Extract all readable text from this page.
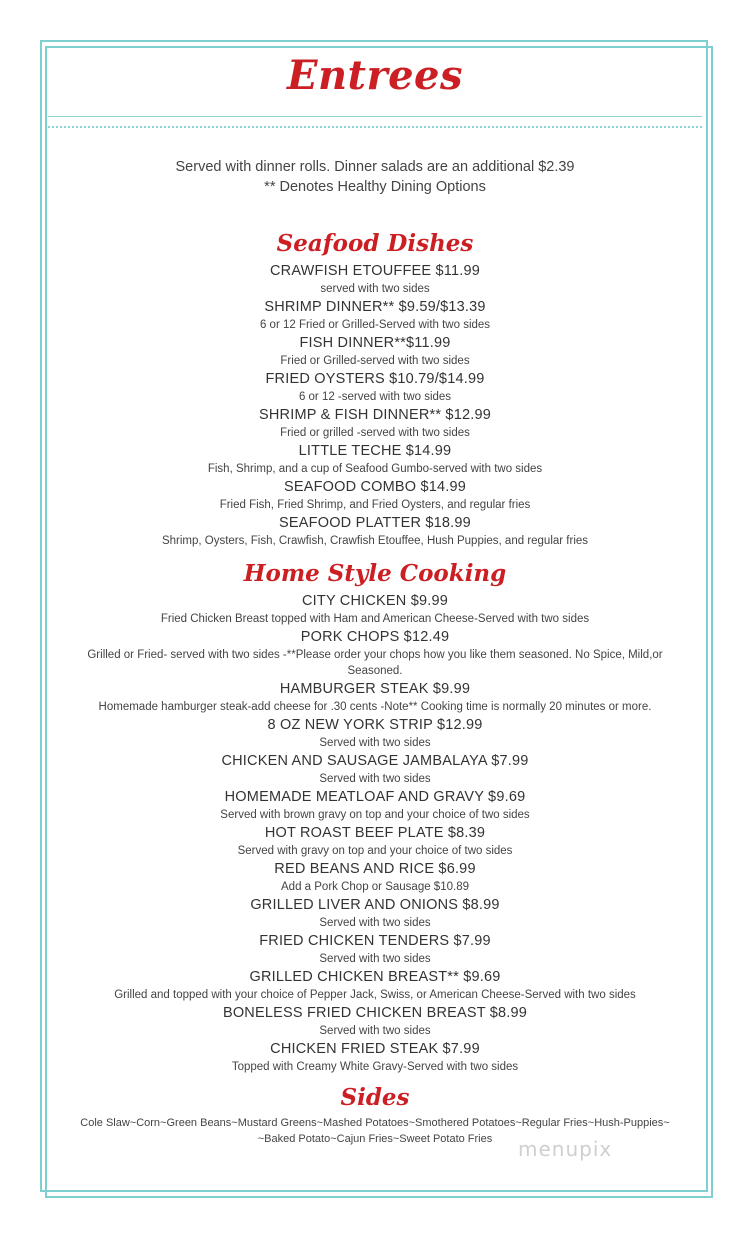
Entrees
Served with dinner rolls. Dinner salads are an additional $2.39
** Denotes Healthy Dining Options
Seafood Dishes
CRAWFISH ETOUFFEE $11.99
served with two sides
SHRIMP DINNER** $9.59/$13.39
6 or 12 Fried or Grilled-Served with two sides
FISH DINNER**$11.99
Fried or Grilled-served with two sides
FRIED OYSTERS $10.79/$14.99
6 or 12 -served with two sides
SHRIMP & FISH DINNER** $12.99
Fried or grilled -served with two sides
LITTLE TECHE $14.99
Fish, Shrimp, and a cup of Seafood Gumbo-served with two sides
SEAFOOD COMBO $14.99
Fried Fish, Fried Shrimp, and Fried Oysters, and regular fries
SEAFOOD PLATTER $18.99
Shrimp, Oysters, Fish, Crawfish, Crawfish Etouffee, Hush Puppies, and regular fries
Home Style Cooking
CITY CHICKEN $9.99
Fried Chicken Breast topped with Ham and American Cheese-Served with two sides
PORK CHOPS $12.49
Grilled or Fried- served with two sides -**Please order your chops how you like them seasoned. No Spice, Mild,or
Seasoned.
HAMBURGER STEAK $9.99
Homemade hamburger steak-add cheese for .30 cents -Note** Cooking time is normally 20 minutes or more.
8 OZ NEW YORK STRIP $12.99
Served with two sides
CHICKEN AND SAUSAGE JAMBALAYA $7.99
Served with two sides
HOMEMADE MEATLOAF AND GRAVY $9.69
Served with brown gravy on top and your choice of two sides
HOT ROAST BEEF PLATE $8.39
Served with gravy on top and your choice of two sides
RED BEANS AND RICE $6.99
Add a Pork Chop or Sausage $10.89
GRILLED LIVER AND ONIONS $8.99
Served with two sides
FRIED CHICKEN TENDERS $7.99
Served with two sides
GRILLED CHICKEN BREAST** $9.69
Grilled and topped with your choice of Pepper Jack, Swiss, or American Cheese-Served with two sides
BONELESS FRIED CHICKEN BREAST $8.99
Served with two sides
CHICKEN FRIED STEAK $7.99
Topped with Creamy White Gravy-Served with two sides
Sides
Cole Slaw~Corn~Green Beans~Mustard Greens~Mashed Potatoes~Smothered Potatoes~Regular Fries~Hush-Puppies~
~Baked Potato~Cajun Fries~Sweet Potato Fries	menupix
